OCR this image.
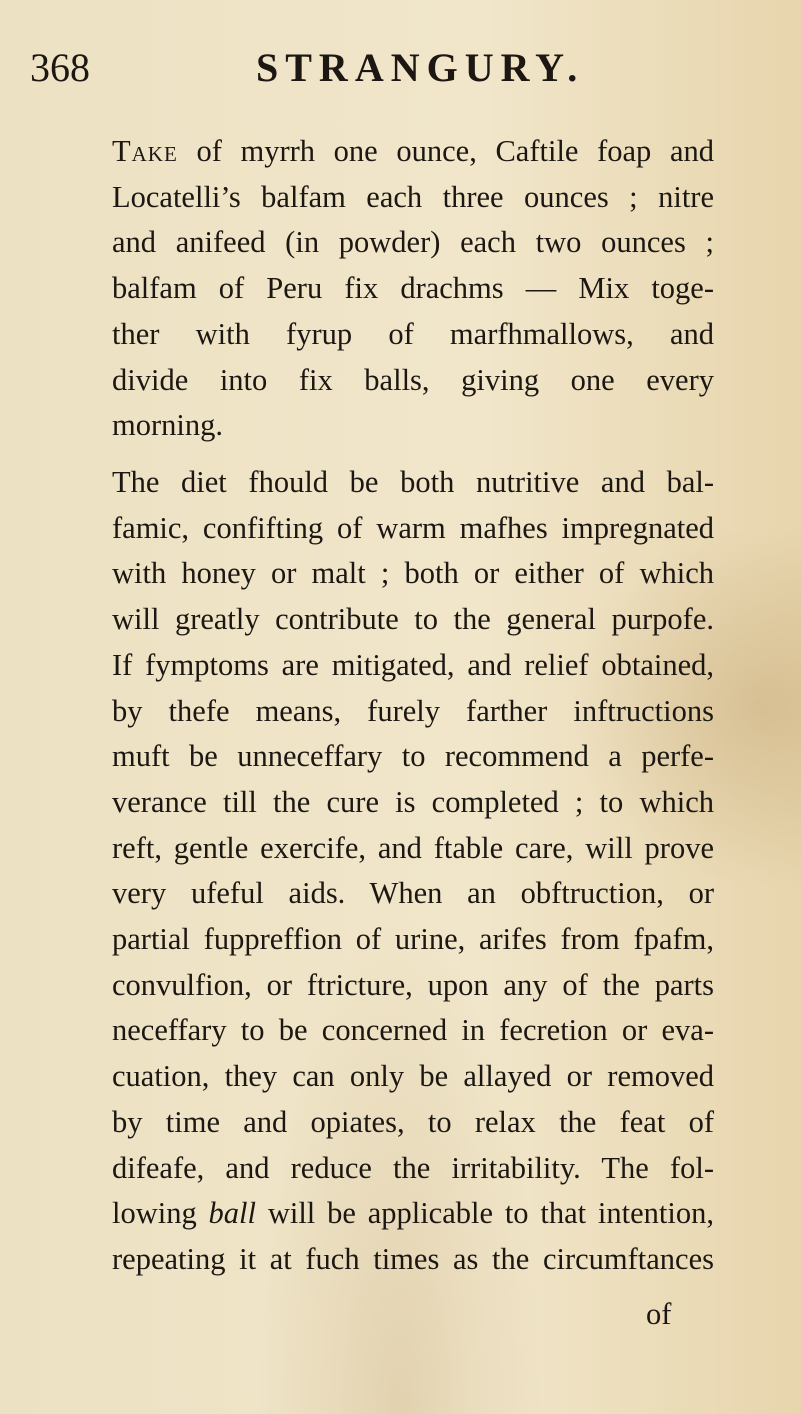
368	STRANGURY.
Take of myrrh one ounce, Caftile foap and
Locatelli’s balfam each three ounces ; nitre
and anifeed (in powder) each two ounces ;
balfam of Peru fix drachms — Mix toge-
ther with fyrup of marfhmallows, and
divide into fix balls, giving one every
morning.
The diet fhould be both nutritive and bal-
famic, confifting of warm mafhes impregnated
with honey or malt ; both or either of which
will greatly contribute to the general purpofe.
If fymptoms are mitigated, and relief obtained,
by thefe means, furely farther inftructions
muft be unneceffary to recommend a perfe-
verance till the cure is completed ; to which
reft, gentle exercife, and ftable care, will prove
very ufeful aids. When an obftruction, or
partial fuppreffion of urine, arifes from fpafm,
convulfion, or ftricture, upon any of the parts
neceffary to be concerned in fecretion or eva-
cuation, they can only be allayed or removed
by time and opiates, to relax the feat of
difeafe, and reduce the irritability. The fol-
lowing ball will be applicable to that intention,
repeating it at fuch times as the circumftances
of
